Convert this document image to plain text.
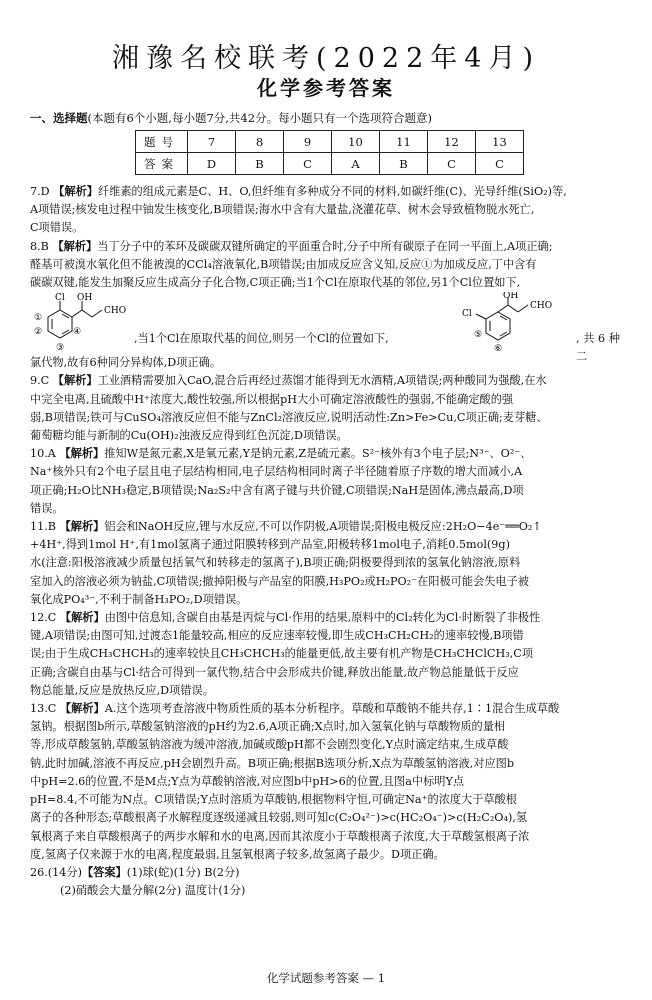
湘豫名校联考(2022年4月)
化学参考答案
一、选择题(本题有6个小题,每小题7分,共42分。每小题只有一个选项符合题意)
题号	7	8	9	10	11	12	13
答案	D	B	C	A	B	C	C

7.D 【解析】纤维素的组成元素是C、H、O,但纤维有多种成分不同的材料,如碳纤维(C)、光导纤维(SiO₂)等,

A项错误;核发电过程中铀发生核变化,B项错误;海水中含有大量盐,浇灌花草、树木会导致植物脱水死亡,

C项错误。

8.B 【解析】当丁分子中的苯环及碳碳双键所确定的平面重合时,分子中所有碳原子在同一平面上,A项正确;

醛基可被溴水氧化但不能被溴的CCl₄溶液氧化,B项错误;由加成反应含义知,反应①为加成反应,丁中含有

碳碳双键,能发生加聚反应生成高分子化合物,C项正确;当1个Cl在原取代基的邻位,另1个Cl位置如下,

Cl OH
CHO
①
②
③
④	,当1个Cl在原取代基的间位,则另一个Cl的位置如下,
OH
Cl
CHO
⑤
⑥
,共6种二

氯代物,故有6种同分异构体,D项正确。

9.C 【解析】工业酒精需要加入CaO,混合后再经过蒸馏才能得到无水酒精,A项错误;两种酸同为强酸,在水

中完全电离,且硫酸中H⁺浓度大,酸性较强,所以根据pH大小可确定溶液酸性的强弱,不能确定酸的强

弱,B项错误;铁可与CuSO₄溶液反应但不能与ZnCl₂溶液反应,说明活动性:Zn>Fe>Cu,C项正确;麦芽糖、

葡萄糖均能与新制的Cu(OH)₂浊液反应得到红色沉淀,D项错误。

10.A 【解析】推知W是氮元素,X是氧元素,Y是钠元素,Z是硫元素。S²⁻核外有3个电子层;N³⁻、O²⁻、

Na⁺核外只有2个电子层且电子层结构相同,电子层结构相同时离子半径随着原子序数的增大而减小,A

项正确;H₂O比NH₃稳定,B项错误;Na₂S₂中含有离子键与共价键,C项错误;NaH是固体,沸点最高,D项

错误。

11.B 【解析】铝会和NaOH反应,锂与水反应,不可以作阴极,A项错误;阳极电极反应:2H₂O−4e⁻══O₂↑

+4H⁺,得到1mol H⁺,有1mol氢离子通过阳膜转移到产品室,阳极转移1mol电子,消耗0.5mol(9g)

水(注意:阳极溶液减少质量包括氧气和转移走的氢离子),B项正确;阴极要得到浓的氢氧化钠溶液,原料

室加入的溶液必须为钠盐,C项错误;撤掉阳极与产品室的阳膜,H₃PO₂或H₂PO₂⁻在阳极可能会失电子被

氧化成PO₄³⁻,不利于制备H₃PO₂,D项错误。

12.C 【解析】由图中信息知,含碳自由基是丙烷与Cl·作用的结果,原料中的Cl₂转化为Cl·时断裂了非极性

键,A项错误;由图可知,过渡态1能量较高,相应的反应速率较慢,即生成CH₃CH₂CH₂的速率较慢,B项错

误;由于生成CH₃CHCH₃的速率较快且CH₃CHCH₃的能量更低,故主要有机产物是CH₃CHClCH₃,C项

正确;含碳自由基与Cl·结合可得到一氯代物,结合中会形成共价键,释放出能量,故产物总能量低于反应

物总能量,反应是放热反应,D项错误。

13.C 【解析】A.这个选项考查溶液中物质性质的基本分析程序。草酸和草酸钠不能共存,1∶1混合生成草酸

氢钠。根据图b所示,草酸氢钠溶液的pH约为2.6,A项正确;X点时,加入氢氧化钠与草酸物质的量相

等,形成草酸氢钠,草酸氢钠溶液为缓冲溶液,加碱或酸pH都不会剧烈变化,Y点时滴定结束,生成草酸

钠,此时加碱,溶液不再反应,pH会剧烈升高。B项正确;根据B选项分析,X点为草酸氢钠溶液,对应图b

中pH=2.6的位置,不是M点;Y点为草酸钠溶液,对应图b中pH>6的位置,且图a中标明Y点

pH=8.4,不可能为N点。C项错误;Y点时溶质为草酸钠,根据物料守恒,可确定Na⁺的浓度大于草酸根

离子的各种形态;草酸根离子水解程度逐级递减且较弱,则可知c(C₂O₄²⁻)>c(HC₂O₄⁻)>c(H₂C₂O₄),氢

氧根离子来自草酸根离子的两步水解和水的电离,因而其浓度小于草酸根离子浓度,大于草酸氢根离子浓

度,氢离子仅来源于水的电离,程度最弱,且氢氧根离子较多,故氢离子最少。D项正确。

26.(14分)【答案】(1)球(蛇)(1分) B(2分)

(2)硝酸会大量分解(2分) 温度计(1分)

化学试题参考答案 — 1
